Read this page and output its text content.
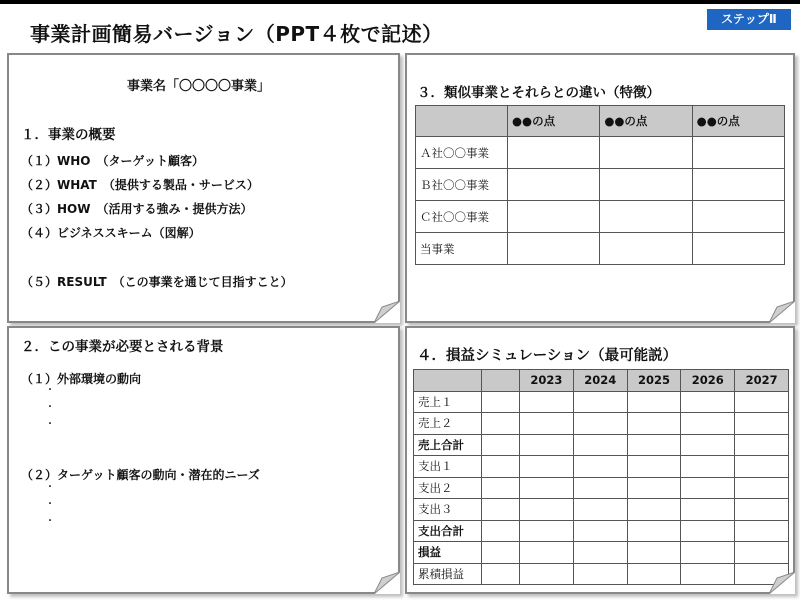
事業計画簡易バージョン（PPT４枚で記述）
ステップⅡ
事業名「〇〇〇〇事業」
１．事業の概要
（１）WHO　（ターゲット顧客）
（２）WHAT　（提供する製品・サービス）
（３）HOW　（活用する強み・提供方法）
（４）ビジネススキーム（図解）
（５）RESULT　（この事業を通じて目指すこと）
３．類似事業とそれらとの違い（特徴）
	●●の点	●●の点	●●の点
Ａ社〇〇事業			
Ｂ社〇〇事業			
Ｃ社〇〇事業			
当事業			
２．この事業が必要とされる背景
（１）外部環境の動向
・
・
・
（２）ターゲット顧客の動向・潜在的ニーズ
・
・
・
４．損益シミュレーション（最可能説）
		2023	2024	2025	2026	2027
売上１						
売上２						
売上合計						
支出１						
支出２						
支出３						
支出合計						
損益						
累積損益						
